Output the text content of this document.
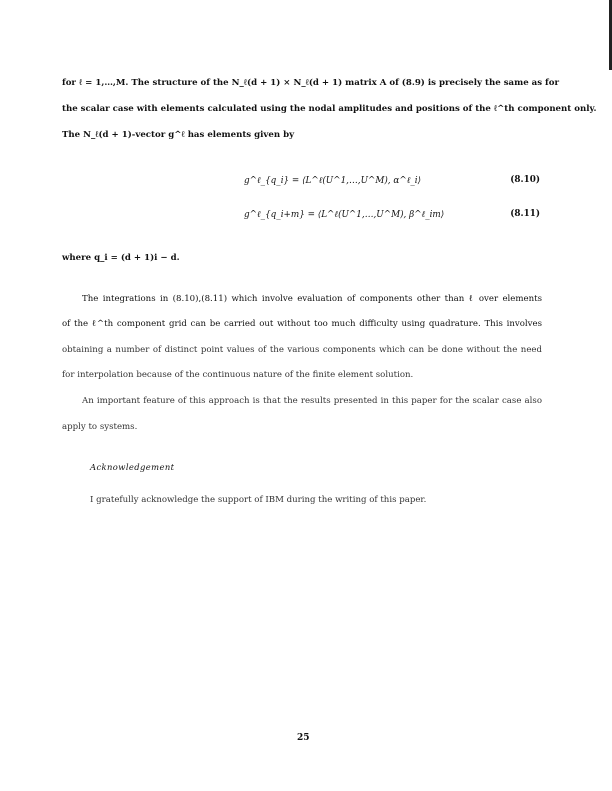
for ℓ = 1,…,M. The structure of the N_ℓ(d + 1) × N_ℓ(d + 1) matrix A of (8.9) is precisely the same as for
the scalar case with elements calculated using the nodal amplitudes and positions of the ℓ^th component only.
The N_ℓ(d + 1)-vector g^ℓ has elements given by
g^ℓ_{q_i} = ⟨L^ℓ(U^1,…,U^M), α^ℓ_i⟩	(8.10)
g^ℓ_{q_i+m} = ⟨L^ℓ(U^1,…,U^M), β^ℓ_im⟩	(8.11)
where q_i = (d + 1)i − d.
The integrations in (8.10),(8.11) which involve evaluation of components other than ℓ over elements
of the ℓ^th component grid can be carried out without too much difficulty using quadrature. This involves
obtaining a number of distinct point values of the various components which can be done without the need
for interpolation because of the continuous nature of the finite element solution.
An important feature of this approach is that the results presented in this paper for the scalar case also
apply to systems.
Acknowledgement
I gratefully acknowledge the support of IBM during the writing of this paper.
25
